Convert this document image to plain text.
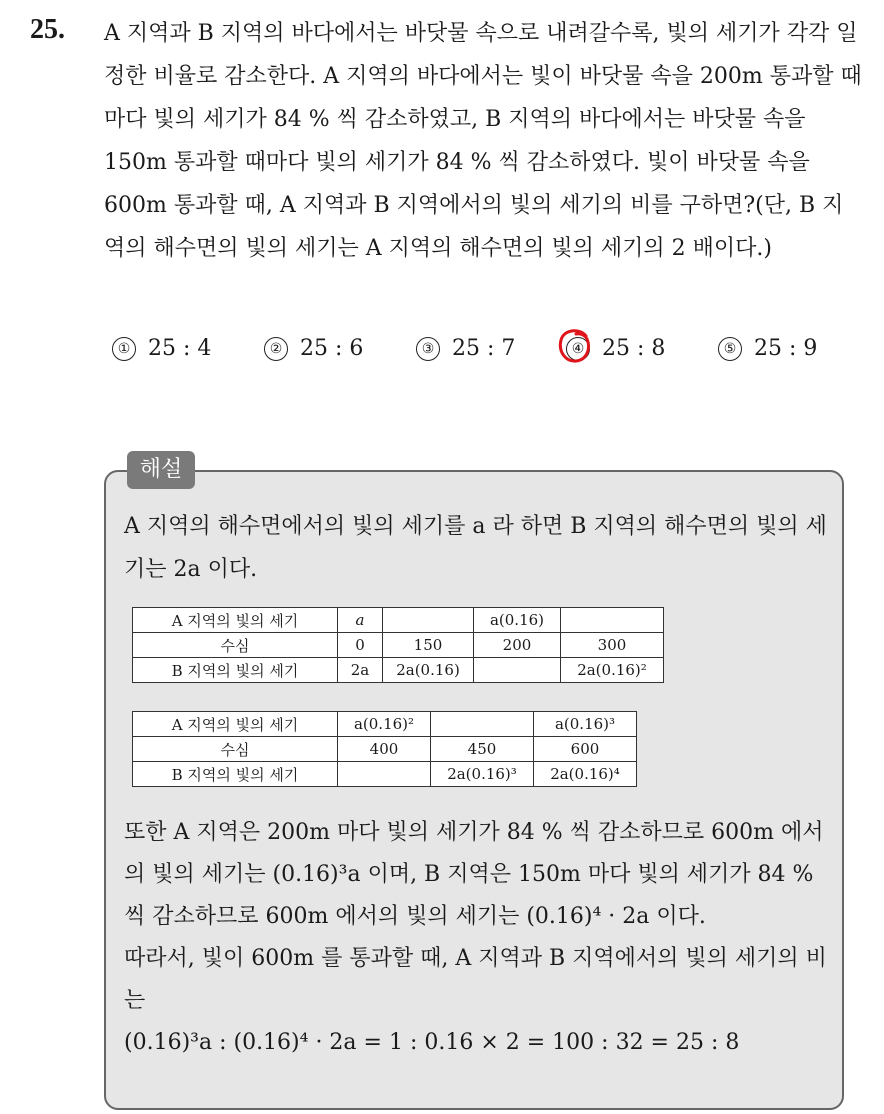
25. A 지역과 B 지역의 바다에서는 바닷물 속으로 내려갈수록, 빛의 세기가 각각 일정한 비율로 감소한다. A 지역의 바다에서는 빛이 바닷물 속을 200m 통과할 때마다 빛의 세기가 84 % 씩 감소하였고, B 지역의 바다에서는 바닷물 속을 150m 통과할 때마다 빛의 세기가 84 % 씩 감소하였다. 빛이 바닷물 속을 600m 통과할 때, A 지역과 B 지역에서의 빛의 세기의 비를 구하면?(단, B 지역의 해수면의 빛의 세기는 A 지역의 해수면의 빛의 세기의 2 배이다.)

① 25 : 4	② 25 : 6	③ 25 : 7	④ 25 : 8	⑤ 25 : 9
해설

A 지역의 해수면에서의 빛의 세기를 a 라 하면 B 지역의 해수면의 빛의 세기는 2a 이다.

A 지역의 빛의 세기	a		a(0.16)	
수심	0	150	200	300
B 지역의 빛의 세기	2a	2a(0.16)		2a(0.16)²
A 지역의 빛의 세기	a(0.16)²		a(0.16)³
수심	400	450	600
B 지역의 빛의 세기		2a(0.16)³	2a(0.16)⁴
또한 A 지역은 200m 마다 빛의 세기가 84 % 씩 감소하므로 600m 에서의 빛의 세기는 (0.16)³a 이며, B 지역은 150m 마다 빛의 세기가 84 % 씩 감소하므로 600m 에서의 빛의 세기는 (0.16)⁴ · 2a 이다.
따라서, 빛이 600m 를 통과할 때, A 지역과 B 지역에서의 빛의 세기의 비는
(0.16)³a : (0.16)⁴ · 2a = 1 : 0.16 × 2 = 100 : 32 = 25 : 8
